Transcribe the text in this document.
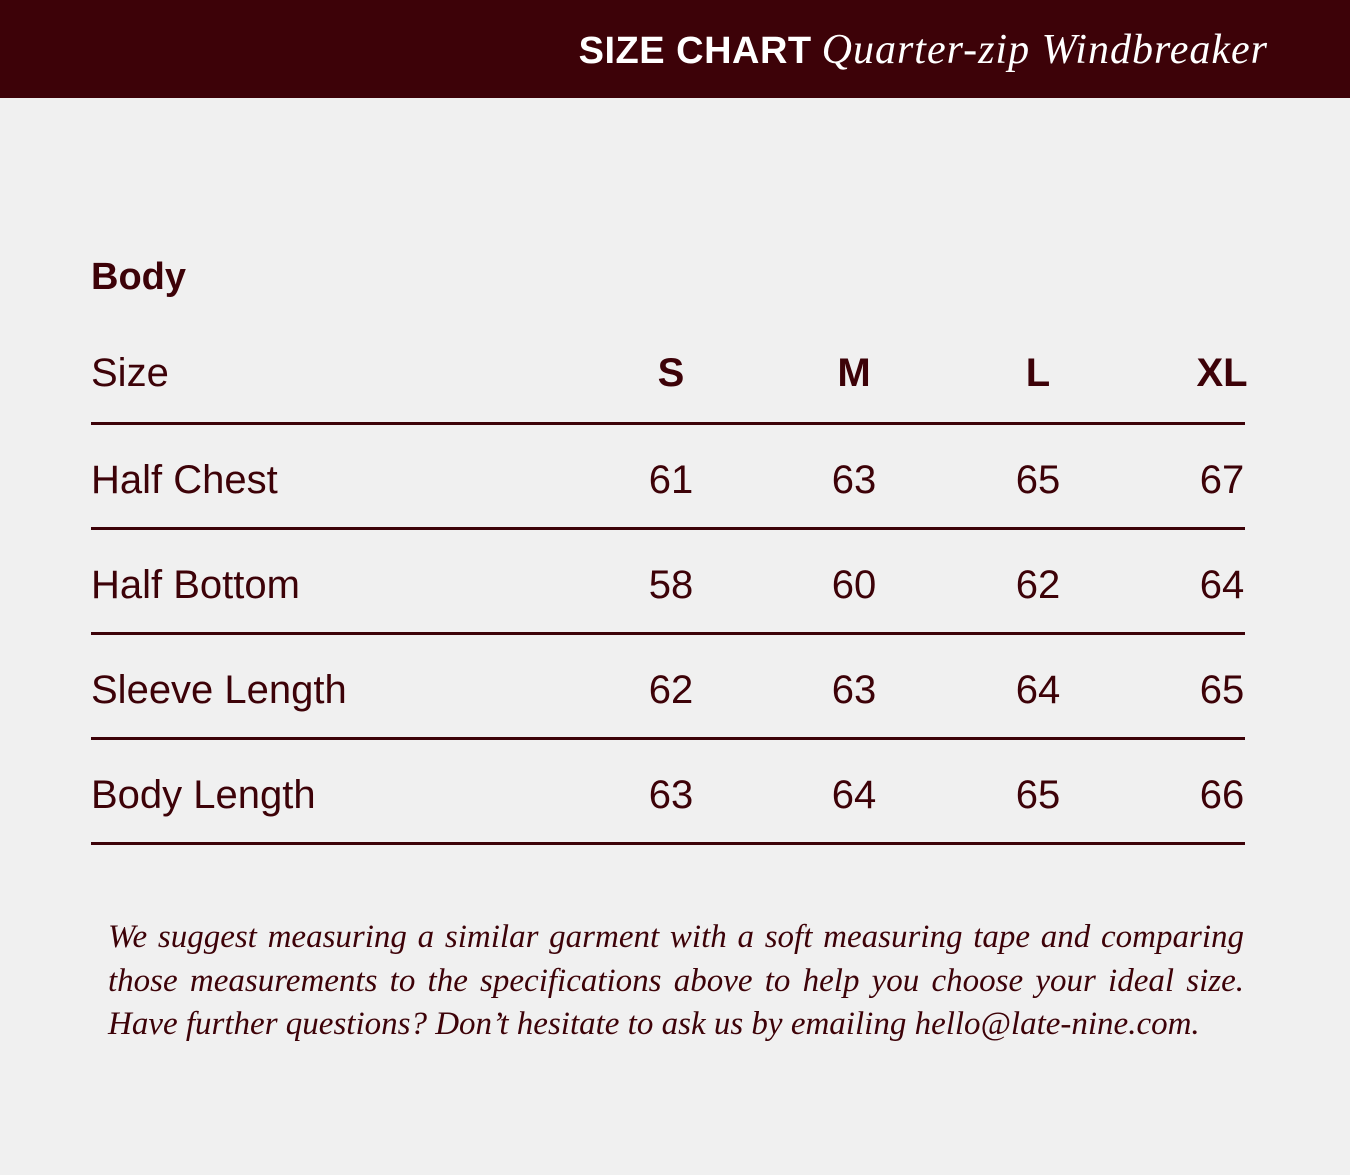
SIZE CHART Quarter-zip Windbreaker
Body
Size	S	M	L	XL
Half Chest	61	63	65	67
Half Bottom	58	60	62	64
Sleeve Length	62	63	64	65
Body Length	63	64	65	66

We suggest measuring a similar garment with a soft measuring tape and comparing those measurements to the specifications above to help you choose your ideal size. Have further questions? Don’t hesitate to ask us by emailing hello@late-nine.com.
